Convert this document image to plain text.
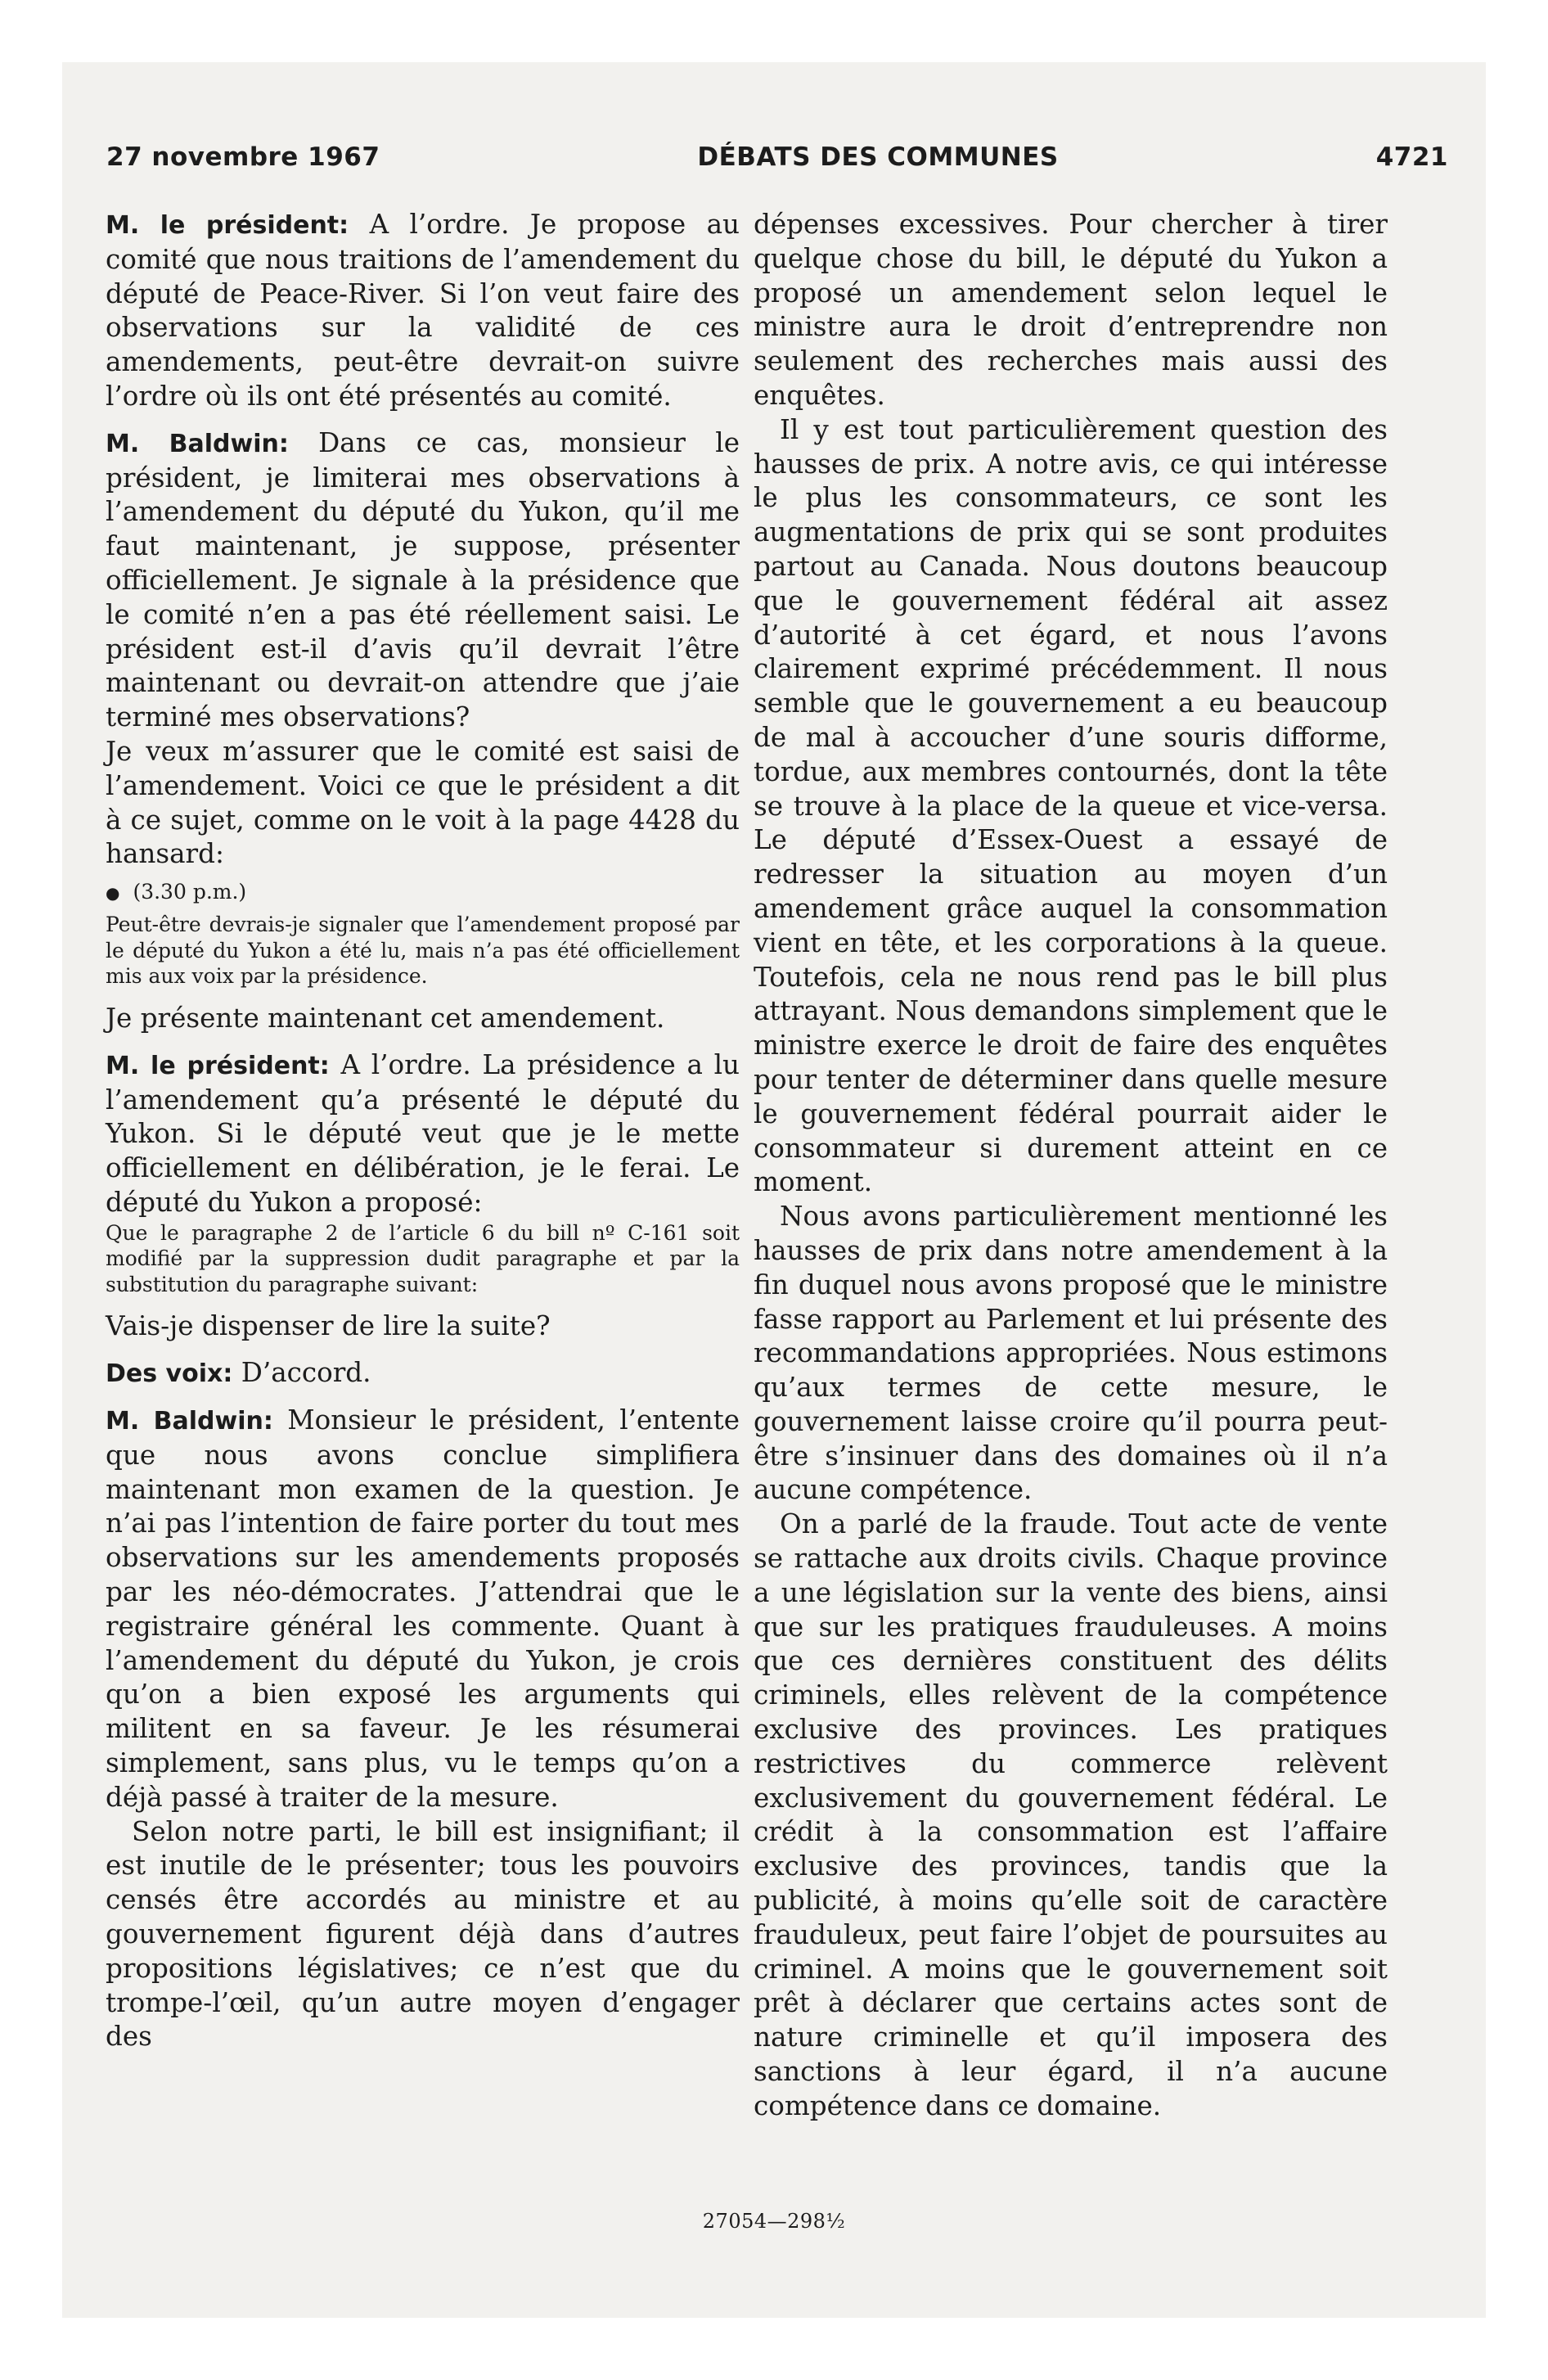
27 novembre 1967	DÉBATS DES COMMUNES	4721

M. le président: A l’ordre. Je propose au comité que nous traitions de l’amendement du député de Peace-River. Si l’on veut faire des observations sur la validité de ces amendements, peut-être devrait-on suivre l’ordre où ils ont été présentés au comité.

M. Baldwin: Dans ce cas, monsieur le président, je limiterai mes observations à l’amendement du député du Yukon, qu’il me faut maintenant, je suppose, présenter officiellement. Je signale à la présidence que le comité n’en a pas été réellement saisi. Le président est-il d’avis qu’il devrait l’être maintenant ou devrait-on attendre que j’aie terminé mes observations?

Je veux m’assurer que le comité est saisi de l’amendement. Voici ce que le président a dit à ce sujet, comme on le voit à la page 4428 du hansard:

● (3.30 p.m.)

Peut-être devrais-je signaler que l’amendement proposé par le député du Yukon a été lu, mais n’a pas été officiellement mis aux voix par la présidence.

Je présente maintenant cet amendement.

M. le président: A l’ordre. La présidence a lu l’amendement qu’a présenté le député du Yukon. Si le député veut que je le mette officiellement en délibération, je le ferai. Le député du Yukon a proposé:

Que le paragraphe 2 de l’article 6 du bill nº C-161 soit modifié par la suppression dudit paragraphe et par la substitution du paragraphe suivant:

Vais-je dispenser de lire la suite?

Des voix: D’accord.

M. Baldwin: Monsieur le président, l’entente que nous avons conclue simplifiera maintenant mon examen de la question. Je n’ai pas l’intention de faire porter du tout mes observations sur les amendements proposés par les néo-démocrates. J’attendrai que le registraire général les commente. Quant à l’amendement du député du Yukon, je crois qu’on a bien exposé les arguments qui militent en sa faveur. Je les résumerai simplement, sans plus, vu le temps qu’on a déjà passé à traiter de la mesure.

Selon notre parti, le bill est insignifiant; il est inutile de le présenter; tous les pouvoirs censés être accordés au ministre et au gouvernement figurent déjà dans d’autres propositions législatives; ce n’est que du trompe-l’œil, qu’un autre moyen d’engager des

dépenses excessives. Pour chercher à tirer quelque chose du bill, le député du Yukon a proposé un amendement selon lequel le ministre aura le droit d’entreprendre non seulement des recherches mais aussi des enquêtes.

Il y est tout particulièrement question des hausses de prix. A notre avis, ce qui intéresse le plus les consommateurs, ce sont les augmentations de prix qui se sont produites partout au Canada. Nous doutons beaucoup que le gouvernement fédéral ait assez d’autorité à cet égard, et nous l’avons clairement exprimé précédemment. Il nous semble que le gouvernement a eu beaucoup de mal à accoucher d’une souris difforme, tordue, aux membres contournés, dont la tête se trouve à la place de la queue et vice-versa. Le député d’Essex-Ouest a essayé de redresser la situation au moyen d’un amendement grâce auquel la consommation vient en tête, et les corporations à la queue. Toutefois, cela ne nous rend pas le bill plus attrayant. Nous demandons simplement que le ministre exerce le droit de faire des enquêtes pour tenter de déterminer dans quelle mesure le gouvernement fédéral pourrait aider le consommateur si durement atteint en ce moment.

Nous avons particulièrement mentionné les hausses de prix dans notre amendement à la fin duquel nous avons proposé que le ministre fasse rapport au Parlement et lui présente des recommandations appropriées. Nous estimons qu’aux termes de cette mesure, le gouvernement laisse croire qu’il pourra peut-être s’insinuer dans des domaines où il n’a aucune compétence.

On a parlé de la fraude. Tout acte de vente se rattache aux droits civils. Chaque province a une législation sur la vente des biens, ainsi que sur les pratiques frauduleuses. A moins que ces dernières constituent des délits criminels, elles relèvent de la compétence exclusive des provinces. Les pratiques restrictives du commerce relèvent exclusivement du gouvernement fédéral. Le crédit à la consommation est l’affaire exclusive des provinces, tandis que la publicité, à moins qu’elle soit de caractère frauduleux, peut faire l’objet de poursuites au criminel. A moins que le gouvernement soit prêt à déclarer que certains actes sont de nature criminelle et qu’il imposera des sanctions à leur égard, il n’a aucune compétence dans ce domaine.

27054—298½
